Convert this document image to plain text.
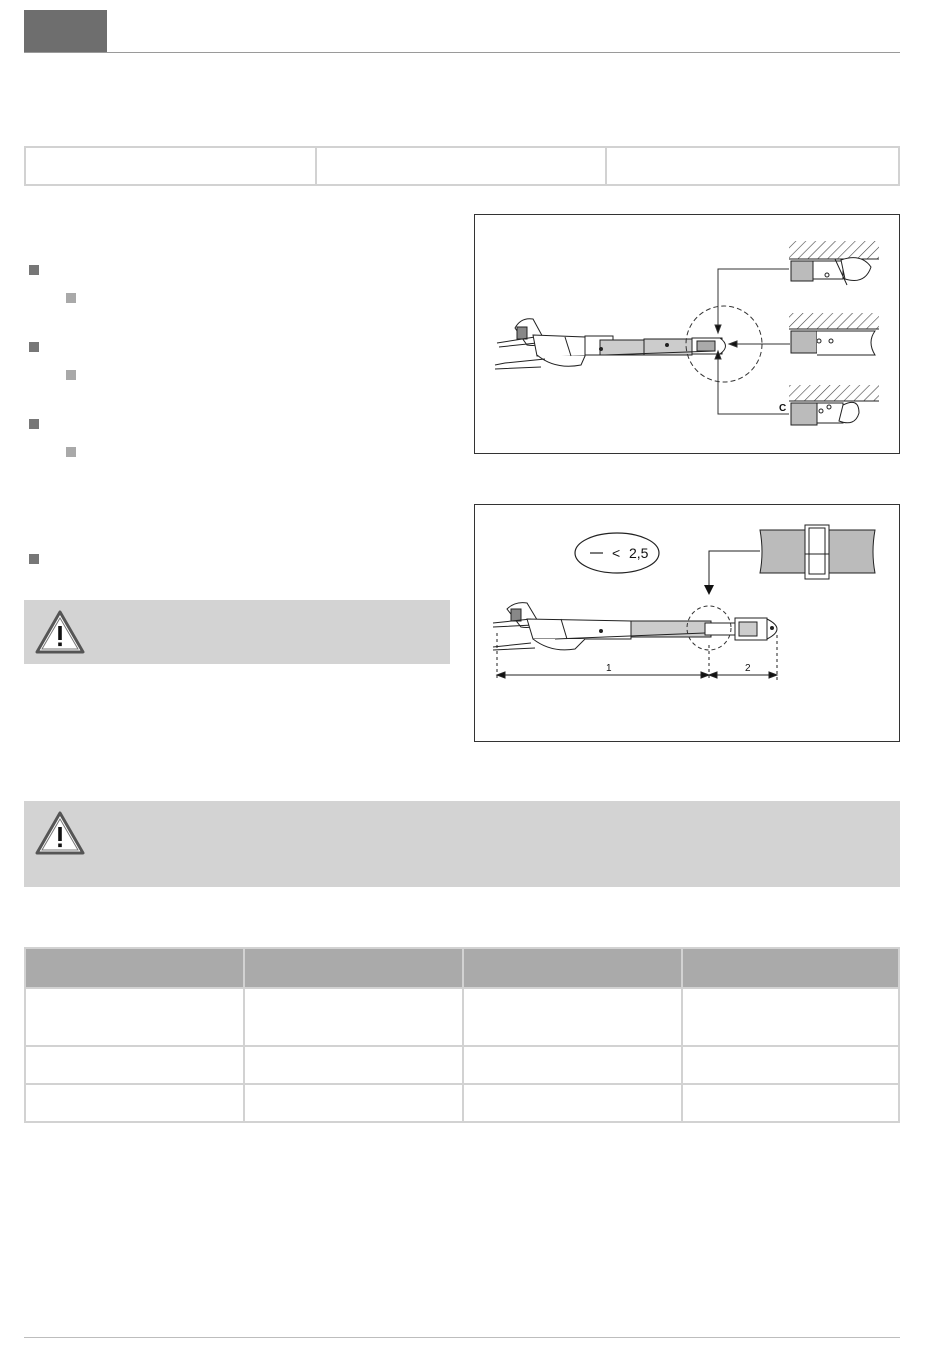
C
< 2,5
1	2
